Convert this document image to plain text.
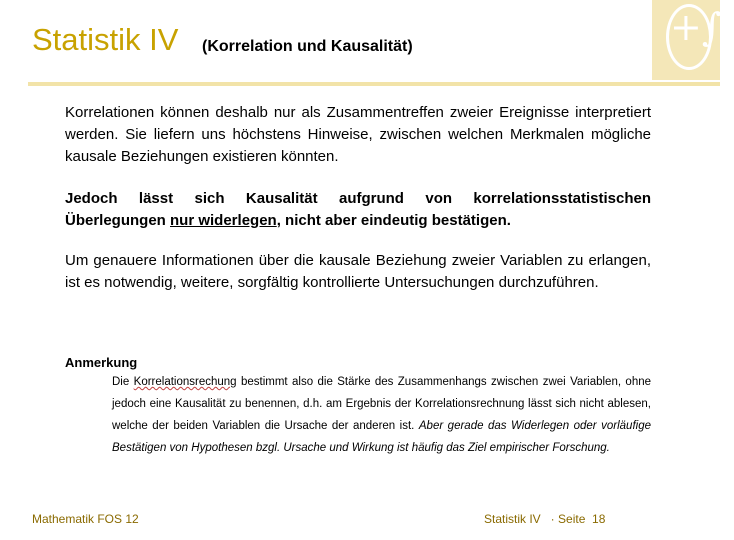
Statistik IV (Korrelation und Kausalität)	+∫-
Korrelationen können deshalb nur als Zusammentreffen zweier Ereignisse interpretiert werden. Sie liefern uns höchstens Hinweise, zwischen welchen Merkmalen mögliche kausale Beziehungen existieren könnten.
Jedoch lässt sich Kausalität aufgrund von korrelationsstatistischen Überlegungen nur widerlegen, nicht aber eindeutig bestätigen.
Um genauere Informationen über die kausale Beziehung zweier Variablen zu erlangen, ist es notwendig, weitere, sorgfältig kontrollierte Untersuchungen durchzuführen.
Anmerkung
Die Korrelationsrechung bestimmt also die Stärke des Zusammenhangs zwischen zwei Variablen, ohne jedoch eine Kausalität zu benennen, d.h. am Ergebnis der Korrelationsrechnung lässt sich nicht ablesen, welche der beiden Variablen die Ursache der anderen ist. Aber gerade das Widerlegen oder vorläufige Bestätigen von Hypothesen bzgl. Ursache und Wirkung ist häufig das Ziel empirischer Forschung.
Mathematik FOS 12	Statistik IV   · Seite  18
